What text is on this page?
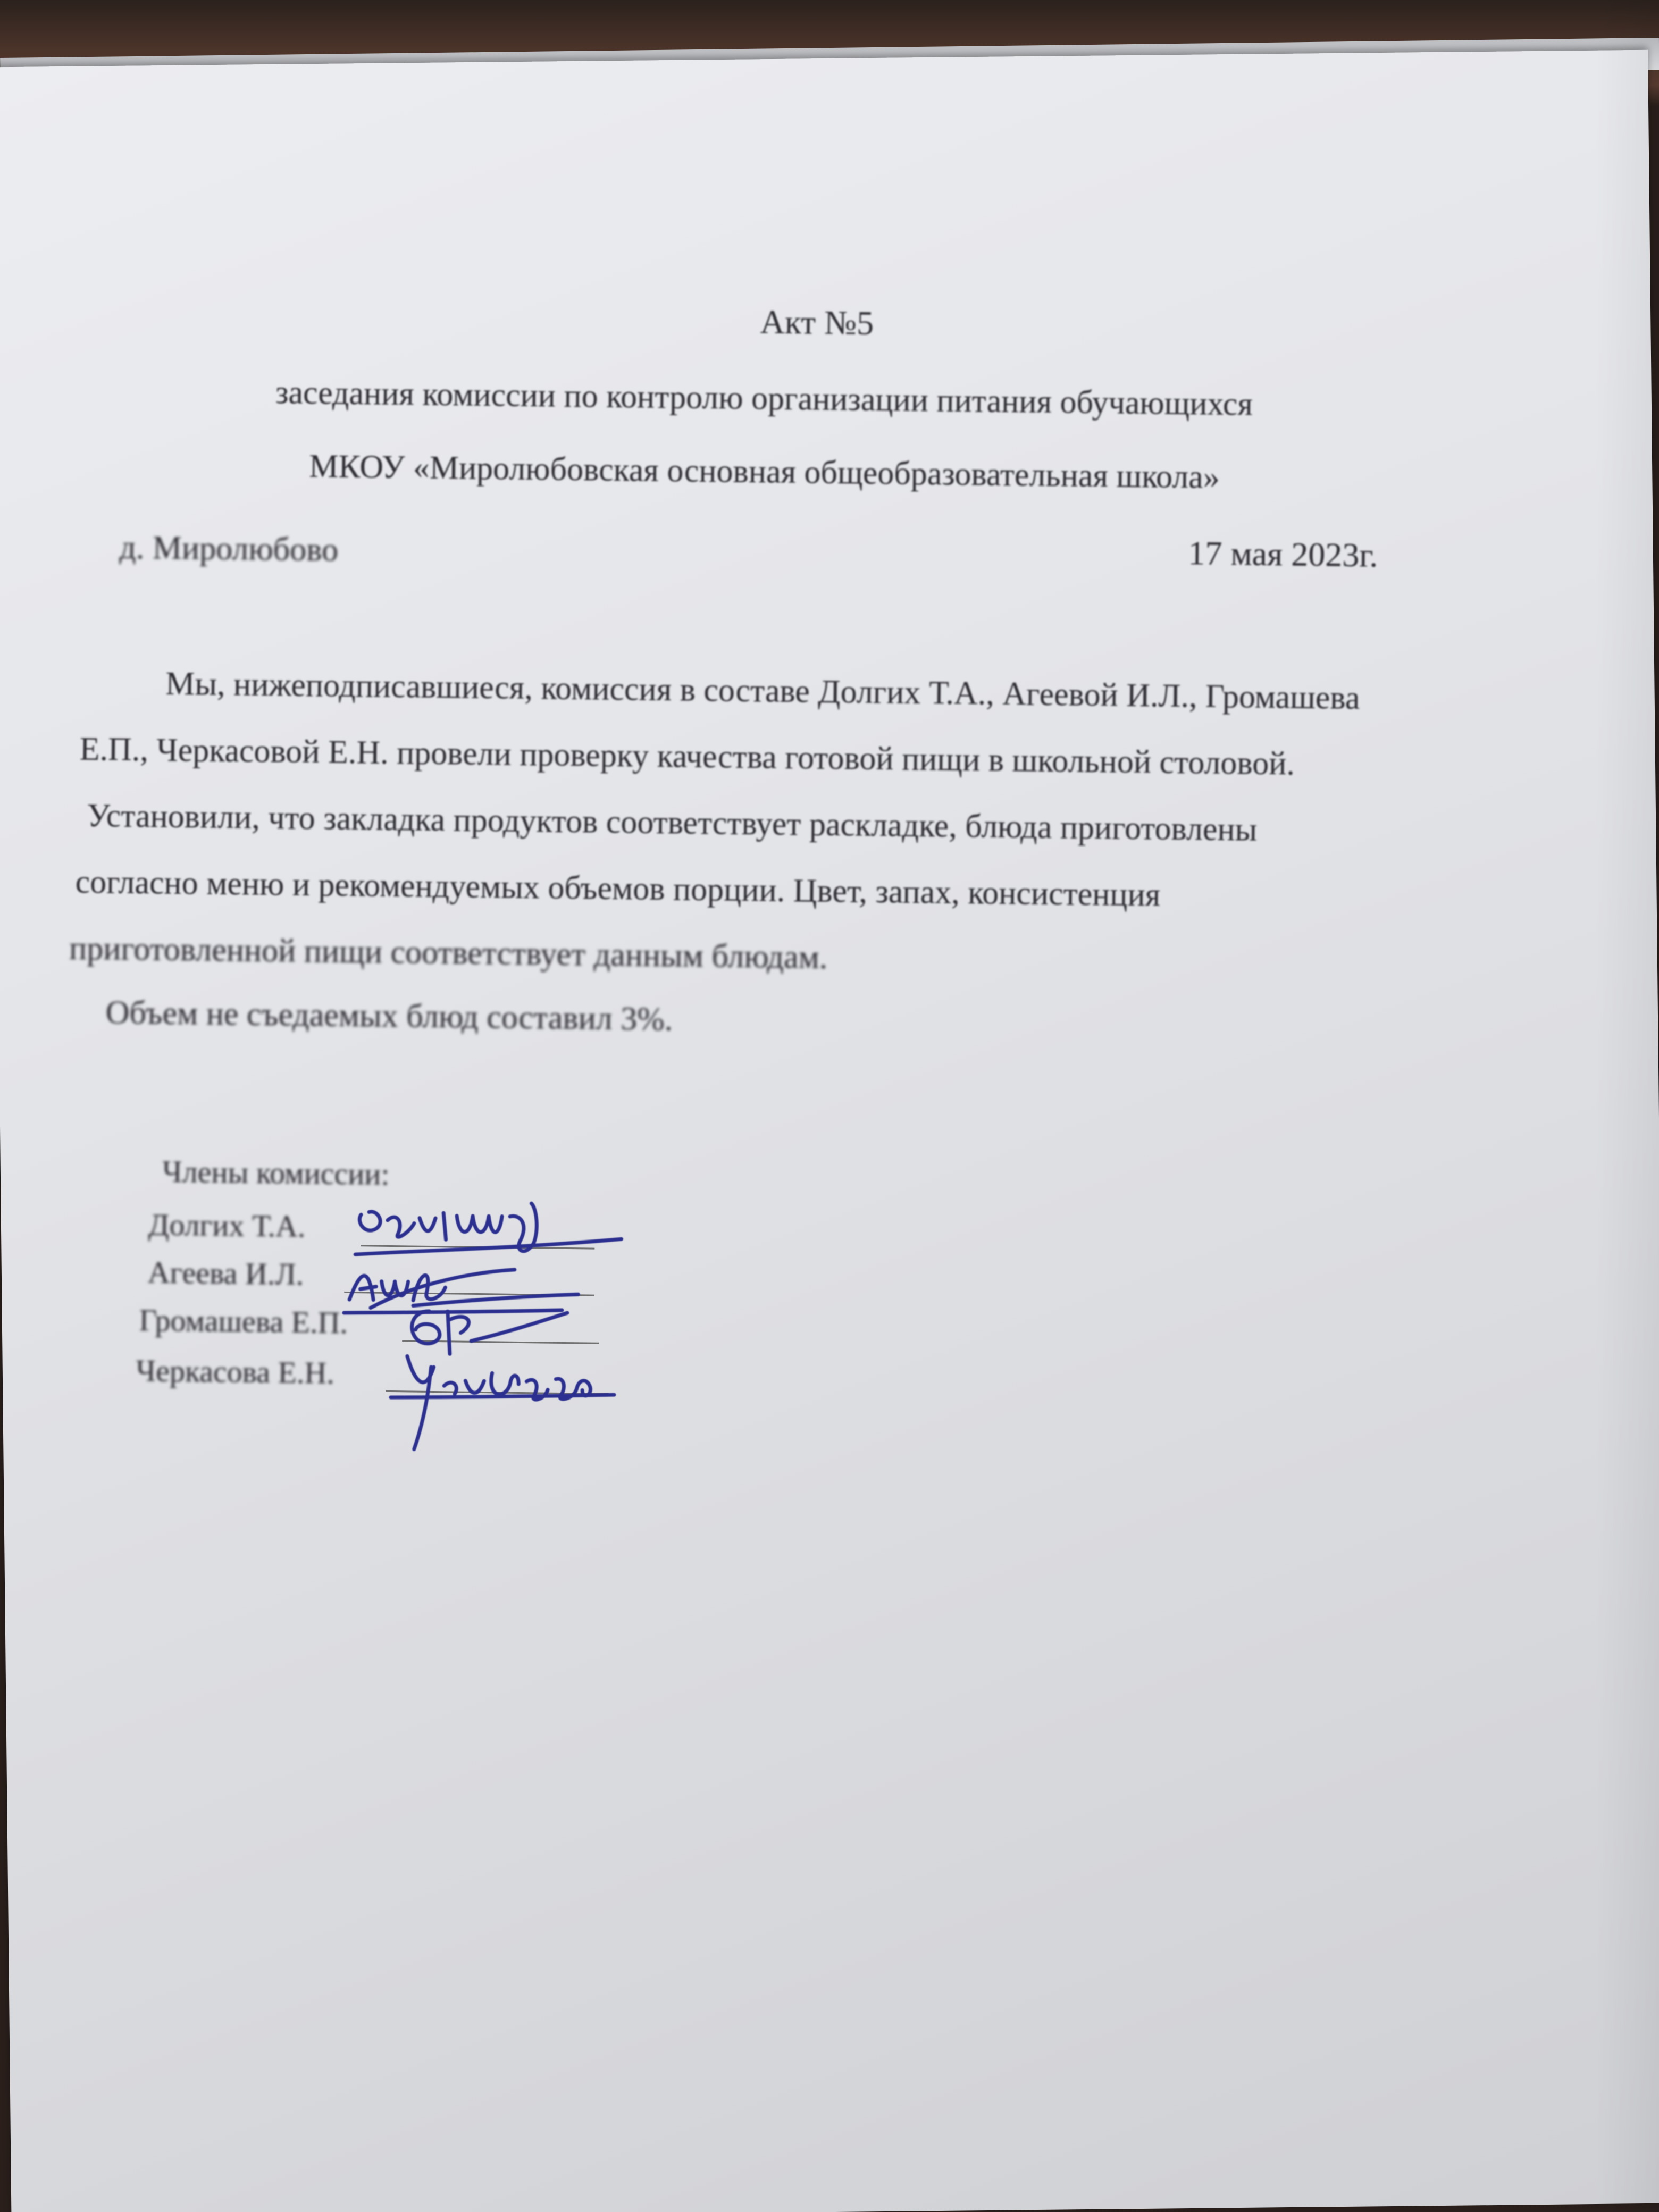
Акт №5
заседания комиссии по контролю организации питания обучающихся
МКОУ «Миролюбовская основная общеобразовательная школа»
д. Миролюбово	17 мая 2023г.
Мы, нижеподписавшиеся, комиссия в составе Долгих Т.А., Агеевой И.Л., Громашева
Е.П., Черкасовой Е.Н. провели проверку качества готовой пищи в школьной столовой.
Установили, что закладка продуктов соответствует раскладке, блюда приготовлены
согласно меню и рекомендуемых объемов порции. Цвет, запах, консистенция
приготовленной пищи соответствует данным блюдам.
Объем не съедаемых блюд составил 3%.
Члены комиссии:
Долгих Т.А.
Агеева И.Л.
Громашева Е.П.
Черкасова Е.Н.
